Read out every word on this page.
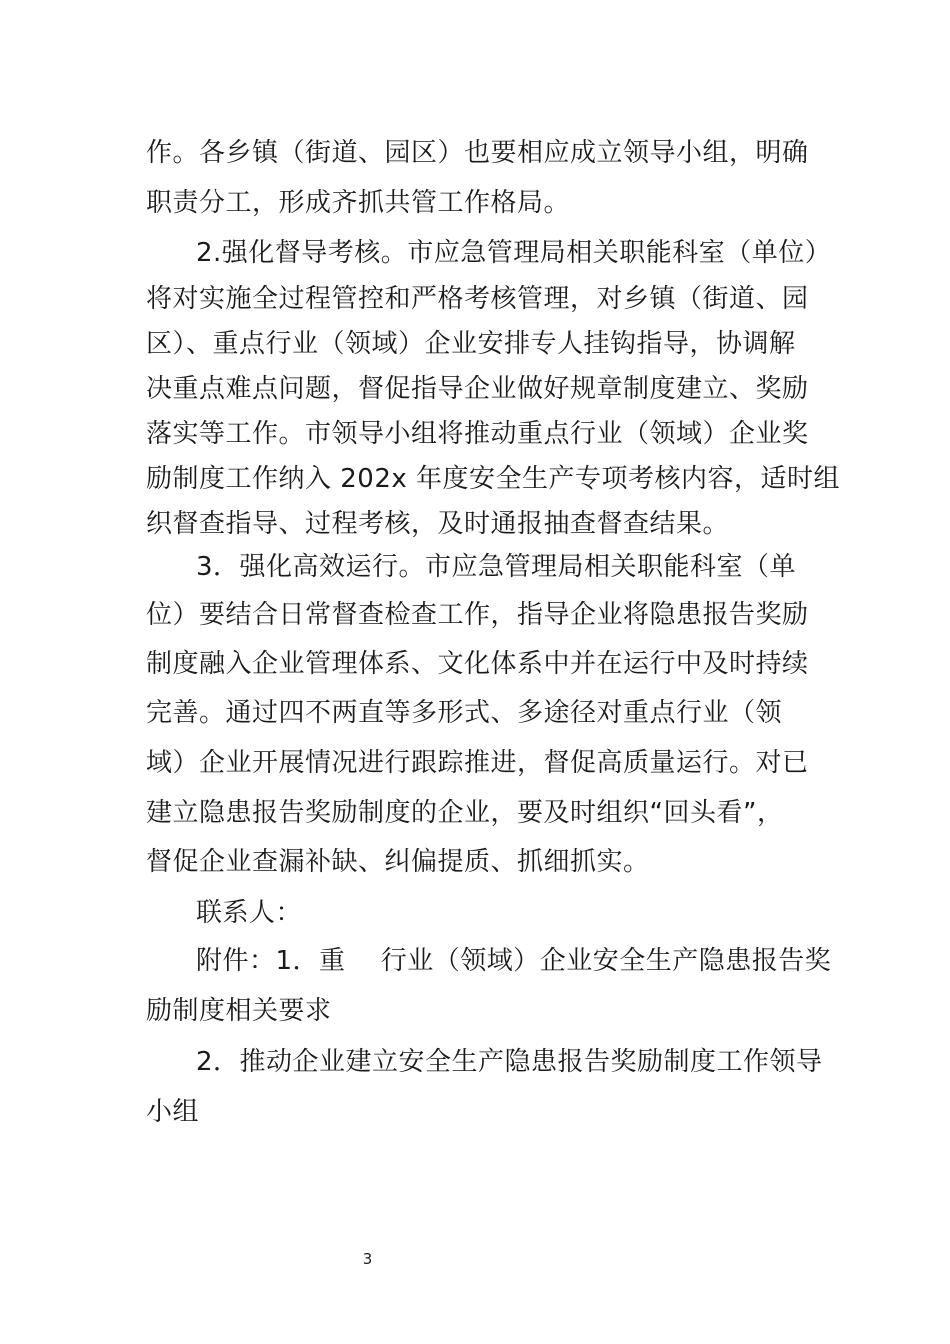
作。各乡镇（街道、园区）也要相应成立领导小组，明确
职责分工，形成齐抓共管工作格局。
2.强化督导考核。市应急管理局相关职能科室（单位）
将对实施全过程管控和严格考核管理，对乡镇（街道、园
区）、重点行业（领域）企业安排专人挂钩指导，协调解
决重点难点问题，督促指导企业做好规章制度建立、奖励
落实等工作。市领导小组将推动重点行业（领域）企业奖
励制度工作纳入 202x 年度安全生产专项考核内容，适时组
织督查指导、过程考核，及时通报抽查督查结果。
3．强化高效运行。市应急管理局相关职能科室（单
位）要结合日常督查检查工作，指导企业将隐患报告奖励
制度融入企业管理体系、文化体系中并在运行中及时持续
完善。通过四不两直等多形式、多途径对重点行业（领
域）企业开展情况进行跟踪推进，督促高质量运行。对已
建立隐患报告奖励制度的企业，要及时组织“回头看”，
督促企业查漏补缺、纠偏提质、抓细抓实。
联系人：
附件：1．重　 行业（领域）企业安全生产隐患报告奖
励制度相关要求
2．推动企业建立安全生产隐患报告奖励制度工作领导
小组
3
